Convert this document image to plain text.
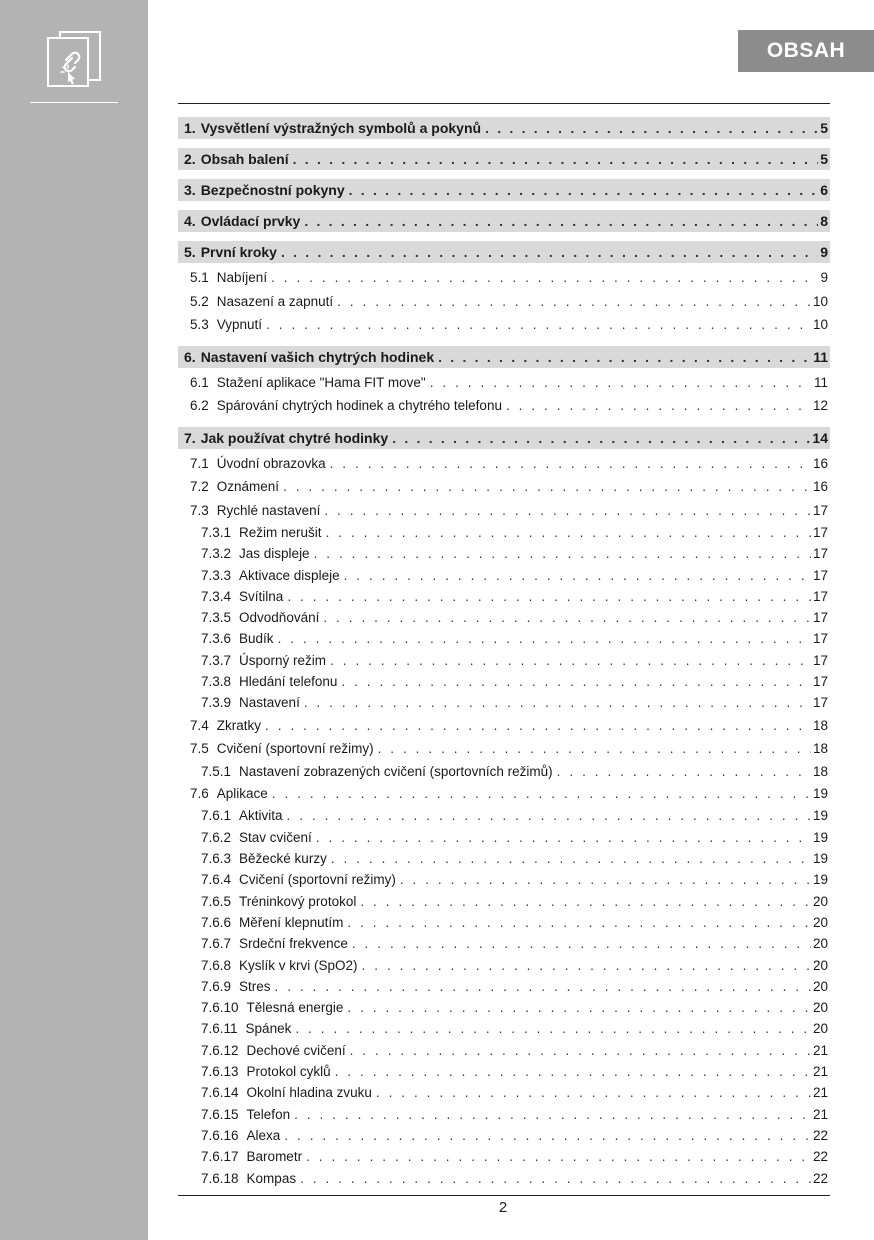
OBSAH
1. Vysvětlení výstražných symbolů a pokynů . . .	5
2. Obsah balení . . .	5
3. Bezpečnostní pokyny . . .	6
4. Ovládací prvky . . .	8
5. První kroky . . .	9
5.1 Nabíjení . . .	9
5.2 Nasazení a zapnutí . . .	10
5.3 Vypnutí . . .	10
6. Nastavení vašich chytrých hodinek . . .	11
6.1 Stažení aplikace "Hama FIT move" . . .	11
6.2 Spárování chytrých hodinek a chytrého telefonu . . .	12
7. Jak používat chytré hodinky . . .	14
7.1 Úvodní obrazovka . . .	16
7.2 Oznámení . . .	16
7.3 Rychlé nastavení . . .	17
7.3.1 Režim nerušit . . .	17
7.3.2 Jas displeje . . .	17
7.3.3 Aktivace displeje . . .	17
7.3.4 Svítilna . . .	17
7.3.5 Odvodňování . . .	17
7.3.6 Budík . . .	17
7.3.7 Úsporný režim . . .	17
7.3.8 Hledání telefonu . . .	17
7.3.9 Nastavení . . .	17
7.4 Zkratky . . .	18
7.5 Cvičení (sportovní režimy) . . .	18
7.5.1 Nastavení zobrazených cvičení (sportovních režimů) . . .	18
7.6 Aplikace . . .	19
7.6.1 Aktivita . . .	19
7.6.2 Stav cvičení . . .	19
7.6.3 Běžecké kurzy . . .	19
7.6.4 Cvičení (sportovní režimy) . . .	19
7.6.5 Tréninkový protokol . . .	20
7.6.6 Měření klepnutím . . .	20
7.6.7 Srdeční frekvence . . .	20
7.6.8 Kyslík v krvi (SpO2) . . .	20
7.6.9 Stres . . .	20
7.6.10 Tělesná energie . . .	20
7.6.11 Spánek . . .	20
7.6.12 Dechové cvičení . . .	21
7.6.13 Protokol cyklů . . .	21
7.6.14 Okolní hladina zvuku . . .	21
7.6.15 Telefon . . .	21
7.6.16 Alexa . . .	22
7.6.17 Barometr . . .	22
7.6.18 Kompas . . .	22
2
